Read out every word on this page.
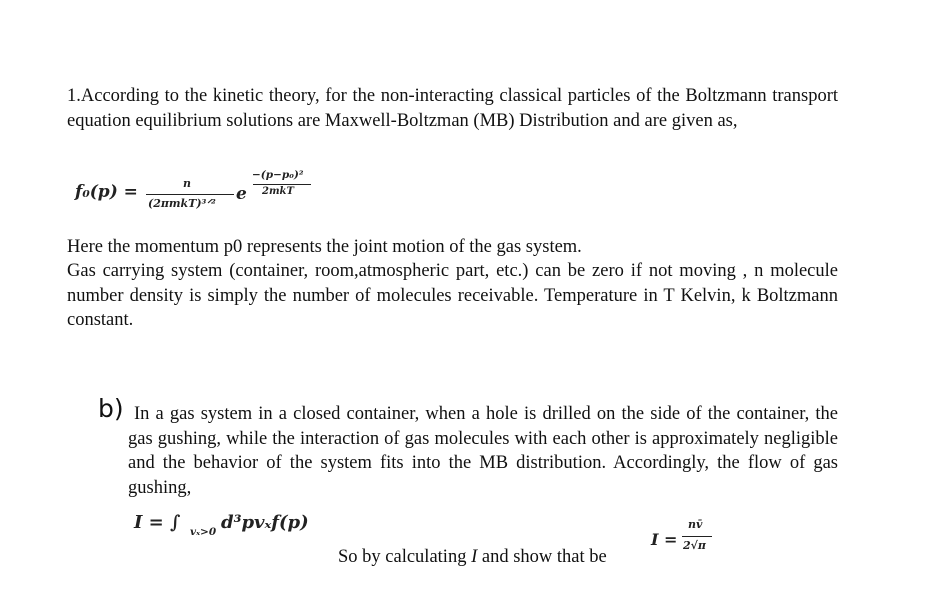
1.According to the kinetic theory, for the non-interacting classical particles of the Boltzmann transport equation equilibrium solutions are Maxwell-Boltzman (MB) Distribution and are given as,
f₀(p) =	n
(2πmkT)³ᐟ² e
−(p−p₀)²
2mkT
Here the momentum p0 represents the joint motion of the gas system.
Gas carrying system (container, room,atmospheric part, etc.) can be zero if not moving , n molecule number density is simply the number of molecules receivable. Temperature in T Kelvin, k Boltzmann constant.
b) In a gas system in a closed container, when a hole is drilled on the side of the container, the gas gushing, while the interaction of gas molecules with each other is approximately negligible and the behavior of the system fits into the MB distribution. Accordingly, the flow of gas gushing,
I = ∫ vₓ>0 d³pvₓf(p)
So by calculating I and show that be
I =
nv̄
2√π
